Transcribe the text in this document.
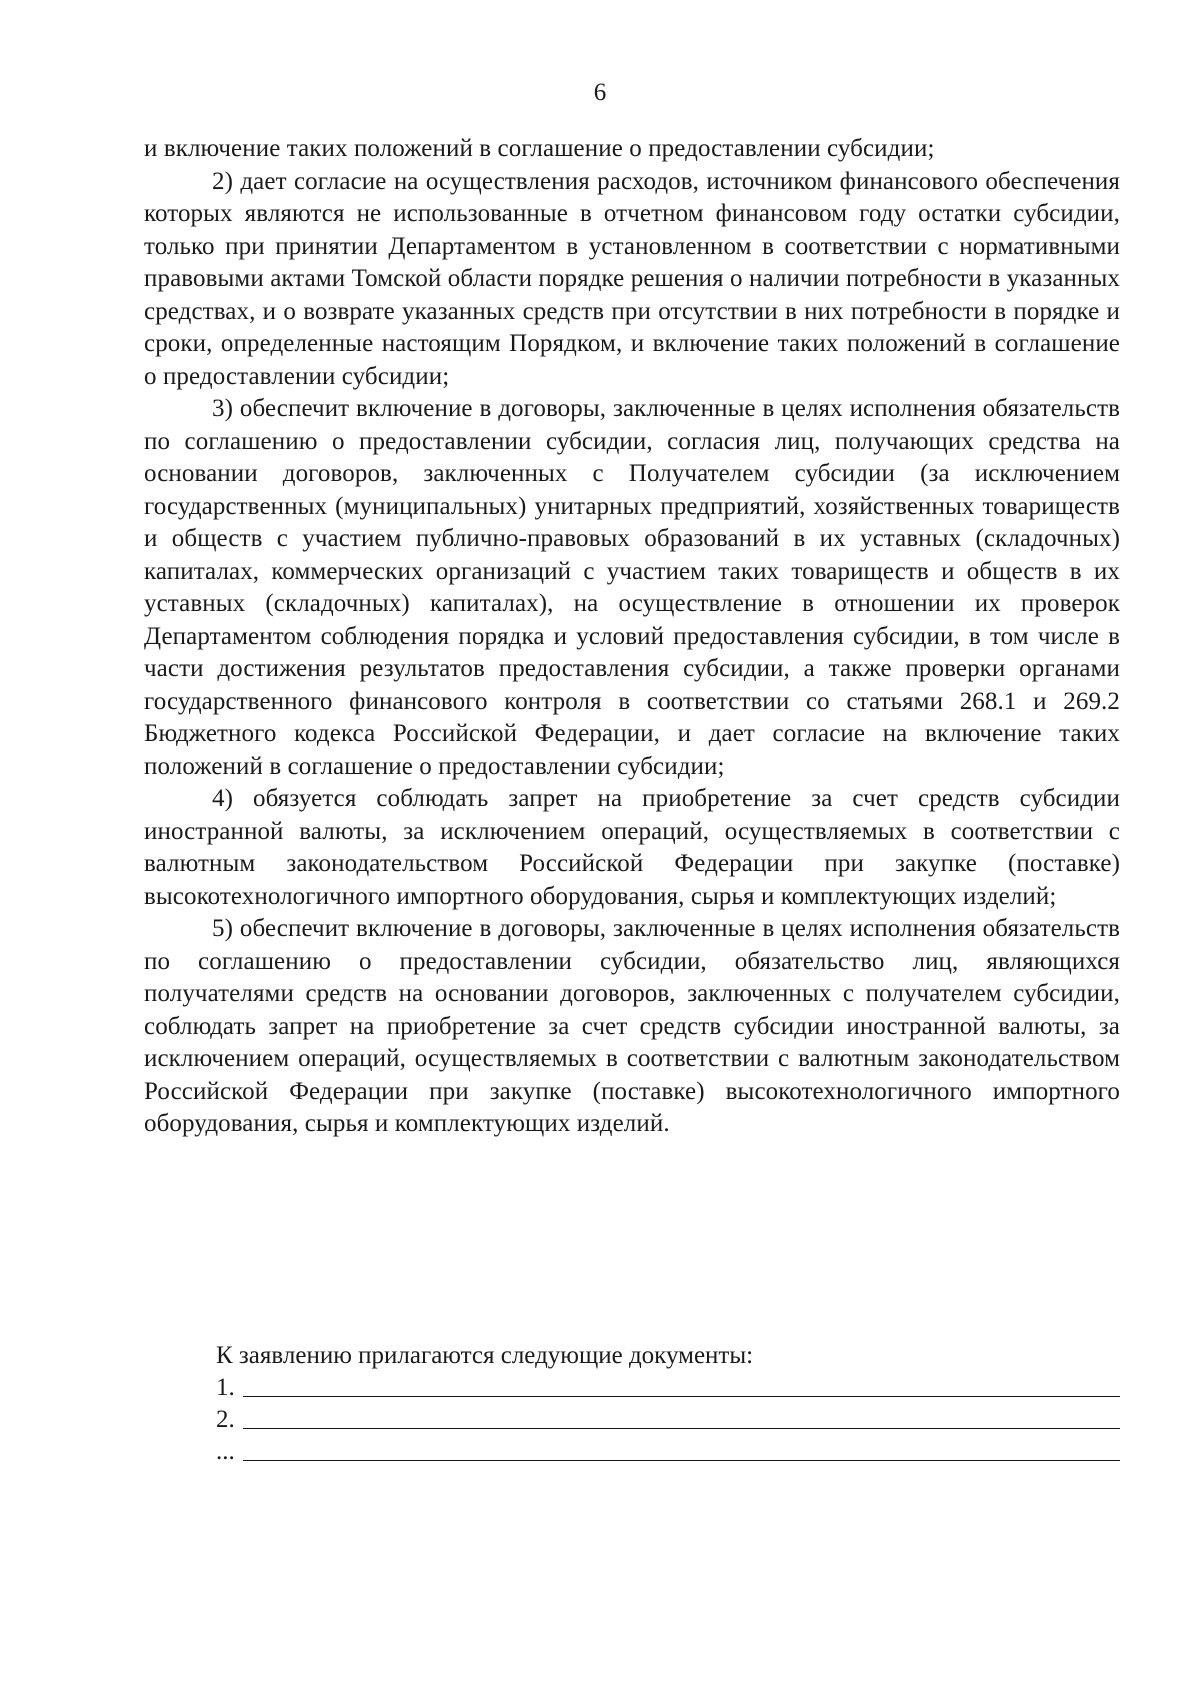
6

и включение таких положений в соглашение о предоставлении субсидии;

2) дает согласие на осуществления расходов, источником финансового обеспечения которых являются не использованные в отчетном финансовом году остатки субсидии, только при принятии Департаментом в установленном в соответствии с нормативными правовыми актами Томской области порядке решения о наличии потребности в указанных средствах, и о возврате указанных средств при отсутствии в них потребности в порядке и сроки, определенные настоящим Порядком, и включение таких положений в соглашение о предоставлении субсидии;

3) обеспечит включение в договоры, заключенные в целях исполнения обязательств по соглашению о предоставлении субсидии, согласия лиц, получающих средства на основании договоров, заключенных с Получателем субсидии (за исключением государственных (муниципальных) унитарных предприятий, хозяйственных товариществ и обществ с участием публично-правовых образований в их уставных (складочных) капиталах, коммерческих организаций с участием таких товариществ и обществ в их уставных (складочных) капиталах), на осуществление в отношении их проверок Департаментом соблюдения порядка и условий предоставления субсидии, в том числе в части достижения результатов предоставления субсидии, а также проверки органами государственного финансового контроля в соответствии со статьями 268.1 и 269.2 Бюджетного кодекса Российской Федерации, и дает согласие на включение таких положений в соглашение о предоставлении субсидии;

4) обязуется соблюдать запрет на приобретение за счет средств субсидии иностранной валюты, за исключением операций, осуществляемых в соответствии с валютным законодательством Российской Федерации при закупке (поставке) высокотехнологичного импортного оборудования, сырья и комплектующих изделий;

5) обеспечит включение в договоры, заключенные в целях исполнения обязательств по соглашению о предоставлении субсидии, обязательство лиц, являющихся получателями средств на основании договоров, заключенных с получателем субсидии, соблюдать запрет на приобретение за счет средств субсидии иностранной валюты, за исключением операций, осуществляемых в соответствии с валютным законодательством Российской Федерации при закупке (поставке) высокотехнологичного импортного оборудования, сырья и комплектующих изделий.

К заявлению прилагаются следующие документы:

1.
2.
...
